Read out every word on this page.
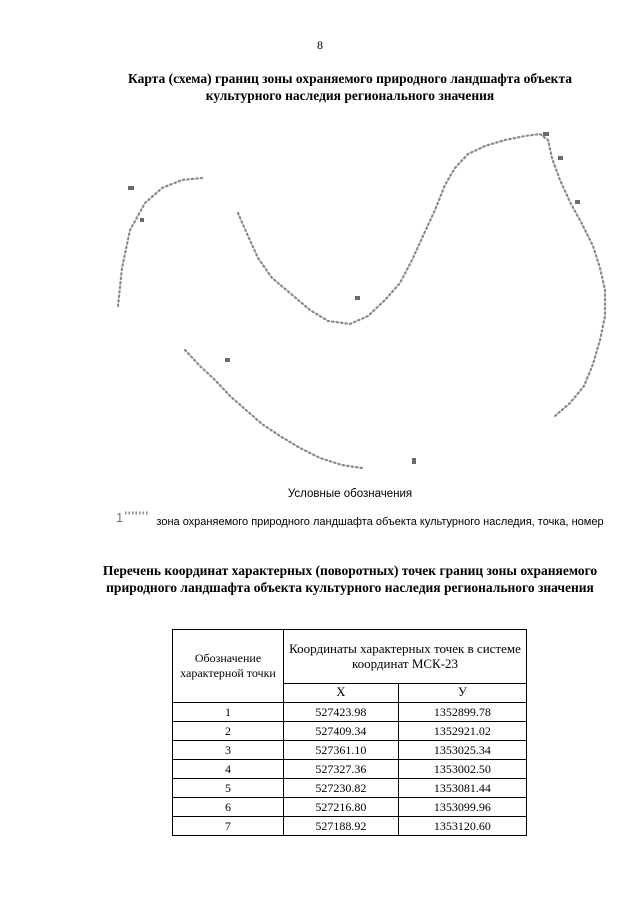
8
Карта (схема) границ зоны охраняемого природного ландшафта объекта культурного наследия регионального значения
Условные обозначения
1	зона охраняемого природного ландшафта объекта культурного наследия, точка, номер
Перечень координат характерных (поворотных) точек границ зоны охраняемого природного ландшафта объекта культурного наследия регионального значения
Обозначение характерной точки	Координаты характерных точек в системе координат МСК-23	
	X	У
1	527423.98	1352899.78
2	527409.34	1352921.02
3	527361.10	1353025.34
4	527327.36	1353002.50
5	527230.82	1353081.44
6	527216.80	1353099.96
7	527188.92	1353120.60
